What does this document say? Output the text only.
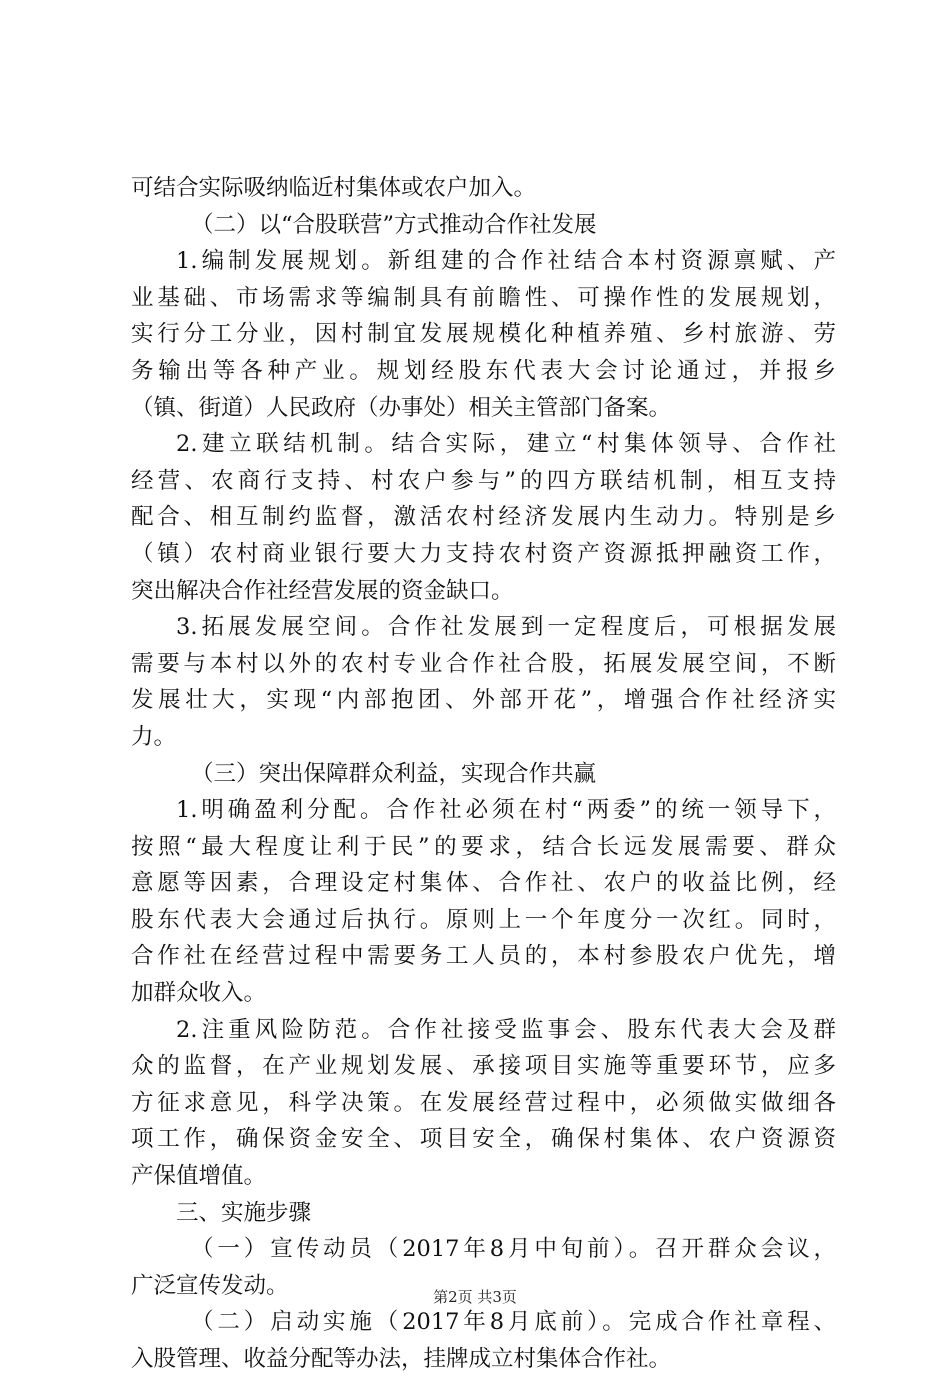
可结合实际吸纳临近村集体或农户加入。
（二）以“合股联营”方式推动合作社发展
1.编制发展规划。新组建的合作社结合本村资源禀赋、产
业基础、市场需求等编制具有前瞻性、可操作性的发展规划，
实行分工分业，因村制宜发展规模化种植养殖、乡村旅游、劳
务输出等各种产业。规划经股东代表大会讨论通过，并报乡
（镇、街道）人民政府（办事处）相关主管部门备案。
2.建立联结机制。结合实际，建立“村集体领导、合作社
经营、农商行支持、村农户参与”的四方联结机制，相互支持
配合、相互制约监督，激活农村经济发展内生动力。特别是乡
（镇）农村商业银行要大力支持农村资产资源抵押融资工作，
突出解决合作社经营发展的资金缺口。
3.拓展发展空间。合作社发展到一定程度后，可根据发展
需要与本村以外的农村专业合作社合股，拓展发展空间，不断
发展壮大，实现“内部抱团、外部开花”，增强合作社经济实
力。
（三）突出保障群众利益，实现合作共赢
1.明确盈利分配。合作社必须在村“两委”的统一领导下，
按照“最大程度让利于民”的要求，结合长远发展需要、群众
意愿等因素，合理设定村集体、合作社、农户的收益比例，经
股东代表大会通过后执行。原则上一个年度分一次红。同时，
合作社在经营过程中需要务工人员的，本村参股农户优先，增
加群众收入。
2.注重风险防范。合作社接受监事会、股东代表大会及群
众的监督，在产业规划发展、承接项目实施等重要环节，应多
方征求意见，科学决策。在发展经营过程中，必须做实做细各
项工作，确保资金安全、项目安全，确保村集体、农户资源资
产保值增值。
三、实施步骤
（一）宣传动员（2017年8月中旬前）。召开群众会议，
广泛宣传发动。
（二）启动实施（2017年8月底前）。完成合作社章程、
入股管理、收益分配等办法，挂牌成立村集体合作社。
第2页 共3页
